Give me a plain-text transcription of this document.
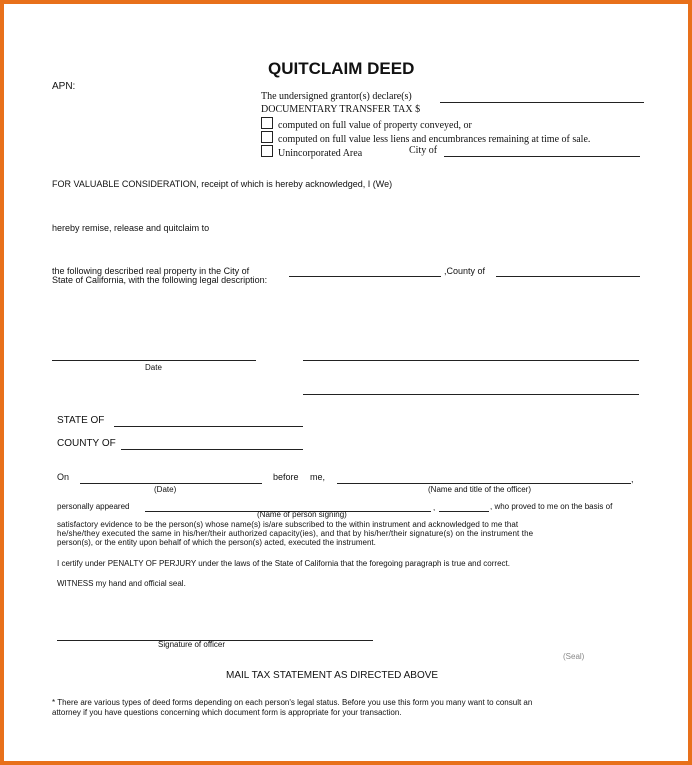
QUITCLAIM DEED
APN:
The undersigned grantor(s) declare(s)
DOCUMENTARY TRANSFER TAX $
computed on full value of property conveyed, or
computed on full value less liens and encumbrances remaining at time of sale.
Unincorporated Area	City of
FOR VALUABLE CONSIDERATION, receipt of which is hereby acknowledged, I (We)
hereby remise, release and quitclaim to
the following described real property in the City of	,County of
State of California, with the following legal description:
Date
STATE OF
COUNTY OF
On	before me,	,
(Date)	(Name and title of the officer)
personally appeared	,	, who proved to me on the basis of
(Name of person signing)
satisfactory evidence to be the person(s) whose name(s) is/are subscribed to the within instrument and acknowledged to me that
he/she/they executed the same in his/her/their authorized capacity(ies), and that by his/her/their signature(s) on the instrument the
person(s), or the entity upon behalf of which the person(s) acted, executed the instrument.
I certify under PENALTY OF PERJURY under the laws of the State of California that the foregoing paragraph is true and correct.
WITNESS my hand and official seal.
Signature of officer
(Seal)
MAIL TAX STATEMENT AS DIRECTED ABOVE
* There are various types of deed forms depending on each person's legal status. Before you use this form you many want to consult an
attorney if you have questions concerning which document form is appropriate for your transaction.
